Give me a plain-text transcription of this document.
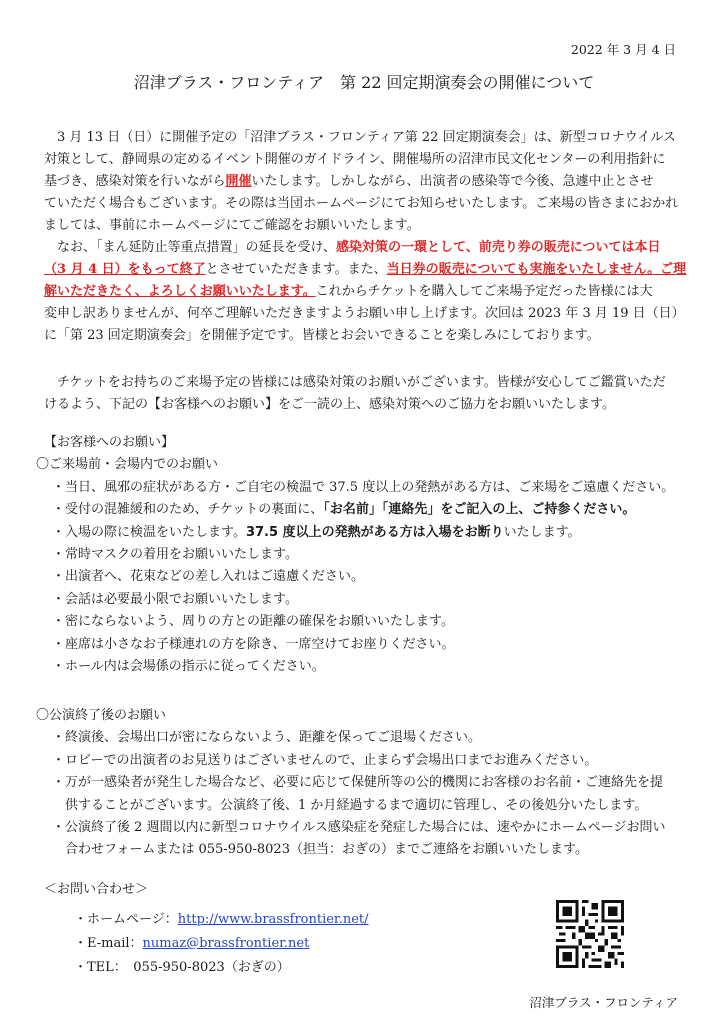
2022 年 3 月 4 日
沼津ブラス・フロンティア　第 22 回定期演奏会の開催について
3 月 13 日（日）に開催予定の「沼津ブラス・フロンティア第 22 回定期演奏会」は、新型コロナウイルス
対策として、静岡県の定めるイベント開催のガイドライン、開催場所の沼津市民文化センターの利用指針に
基づき、感染対策を行いながら開催いたします。しかしながら、出演者の感染等で今後、急遽中止とさせ
ていただく場合もございます。その際は当団ホームページにてお知らせいたします。ご来場の皆さまにおかれ
ましては、事前にホームページにてご確認をお願いいたします。
なお、「まん延防止等重点措置」の延長を受け、感染対策の一環として、前売り券の販売については本日
（3 月 4 日）をもって終了とさせていただきます。また、当日券の販売についても実施をいたしません。ご理
解いただきたく、よろしくお願いいたします。これからチケットを購入してご来場予定だった皆様には大
変申し訳ありませんが、何卒ご理解いただきますようお願い申し上げます。次回は 2023 年 3 月 19 日（日）
に「第 23 回定期演奏会」を開催予定です。皆様とお会いできることを楽しみにしております。
チケットをお持ちのご来場予定の皆様には感染対策のお願いがございます。皆様が安心してご鑑賞いただ
けるよう、下記の【お客様へのお願い】をご一読の上、感染対策へのご協力をお願いいたします。
【お客様へのお願い】
〇ご来場前・会場内でのお願い
・当日、風邪の症状がある方・ご自宅の検温で 37.5 度以上の発熱がある方は、ご来場をご遠慮ください。
・受付の混雑緩和のため、チケットの裏面に、「お名前」「連絡先」をご記入の上、ご持参ください。
・入場の際に検温をいたします。37.5 度以上の発熱がある方は入場をお断りいたします。
・常時マスクの着用をお願いいたします。
・出演者へ、花束などの差し入れはご遠慮ください。
・会話は必要最小限でお願いいたします。
・密にならないよう、周りの方との距離の確保をお願いいたします。
・座席は小さなお子様連れの方を除き、一席空けてお座りください。
・ホール内は会場係の指示に従ってください。
〇公演終了後のお願い
・終演後、会場出口が密にならないよう、距離を保ってご退場ください。
・ロビーでの出演者のお見送りはございませんので、止まらず会場出口までお進みください。
・万が一感染者が発生した場合など、必要に応じて保健所等の公的機関にお客様のお名前・ご連絡先を提
　供することがございます。公演終了後、1 か月経過するまで適切に管理し、その後処分いたします。
・公演終了後 2 週間以内に新型コロナウイルス感染症を発症した場合には、速やかにホームページお問い
　合わせフォームまたは 055-950-8023（担当：おぎの）までご連絡をお願いいたします。
＜お問い合わせ＞
・ホームページ：http://www.brassfrontier.net/
・E-mail：numaz@brassfrontier.net
・TEL：　055-950-8023（おぎの）
沼津ブラス・フロンティア
